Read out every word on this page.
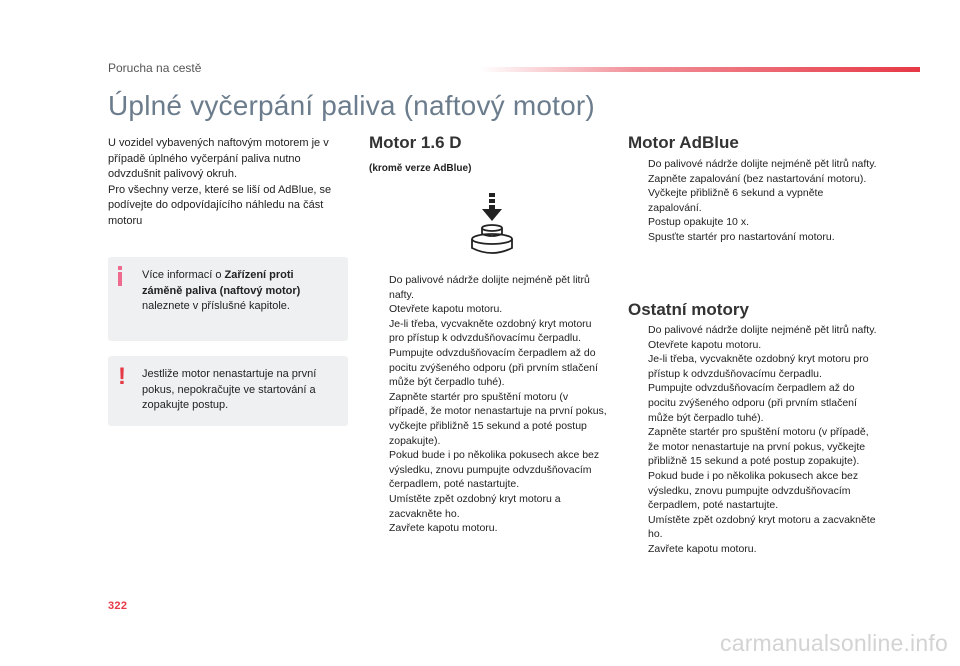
Porucha na cestě
Úplné vyčerpání paliva (naftový motor)
U vozidel vybavených naftovým motorem je v případě úplného vyčerpání paliva nutno odvzdušnit palivový okruh.
Pro všechny verze, které se liší od AdBlue, se podívejte do odpovídajícího náhledu na část motoru
Více informací o Zařízení proti záměně paliva (naftový motor) naleznete v příslušné kapitole.
! Jestliže motor nenastartuje na první pokus, nepokračujte ve startování a zopakujte postup.
Motor 1.6 D
(kromě verze AdBlue)
Do palivové nádrže dolijte nejméně pět litrů nafty.
Otevřete kapotu motoru.
Je-li třeba, vycvakněte ozdobný kryt motoru pro přístup k odvzdušňovacímu čerpadlu.
Pumpujte odvzdušňovacím čerpadlem až do pocitu zvýšeného odporu (při prvním stlačení může být čerpadlo tuhé).
Zapněte startér pro spuštění motoru (v případě, že motor nenastartuje na první pokus, vyčkejte přibližně 15 sekund a poté postup zopakujte).
Pokud bude i po několika pokusech akce bez výsledku, znovu pumpujte odvzdušňovacím čerpadlem, poté nastartujte.
Umístěte zpět ozdobný kryt motoru a zacvakněte ho.
Zavřete kapotu motoru.
Motor AdBlue
Do palivové nádrže dolijte nejméně pět litrů nafty.
Zapněte zapalování (bez nastartování motoru).
Vyčkejte přibližně 6 sekund a vypněte zapalování.
Postup opakujte 10 x.
Spusťte startér pro nastartování motoru.
Ostatní motory
Do palivové nádrže dolijte nejméně pět litrů nafty.
Otevřete kapotu motoru.
Je-li třeba, vycvakněte ozdobný kryt motoru pro přístup k odvzdušňovacímu čerpadlu.
Pumpujte odvzdušňovacím čerpadlem až do pocitu zvýšeného odporu (při prvním stlačení může být čerpadlo tuhé).
Zapněte startér pro spuštění motoru (v případě, že motor nenastartuje na první pokus, vyčkejte přibližně 15 sekund a poté postup zopakujte).
Pokud bude i po několika pokusech akce bez výsledku, znovu pumpujte odvzdušňovacím čerpadlem, poté nastartujte.
Umístěte zpět ozdobný kryt motoru a zacvakněte ho.
Zavřete kapotu motoru.
322
carmanualsonline.info
